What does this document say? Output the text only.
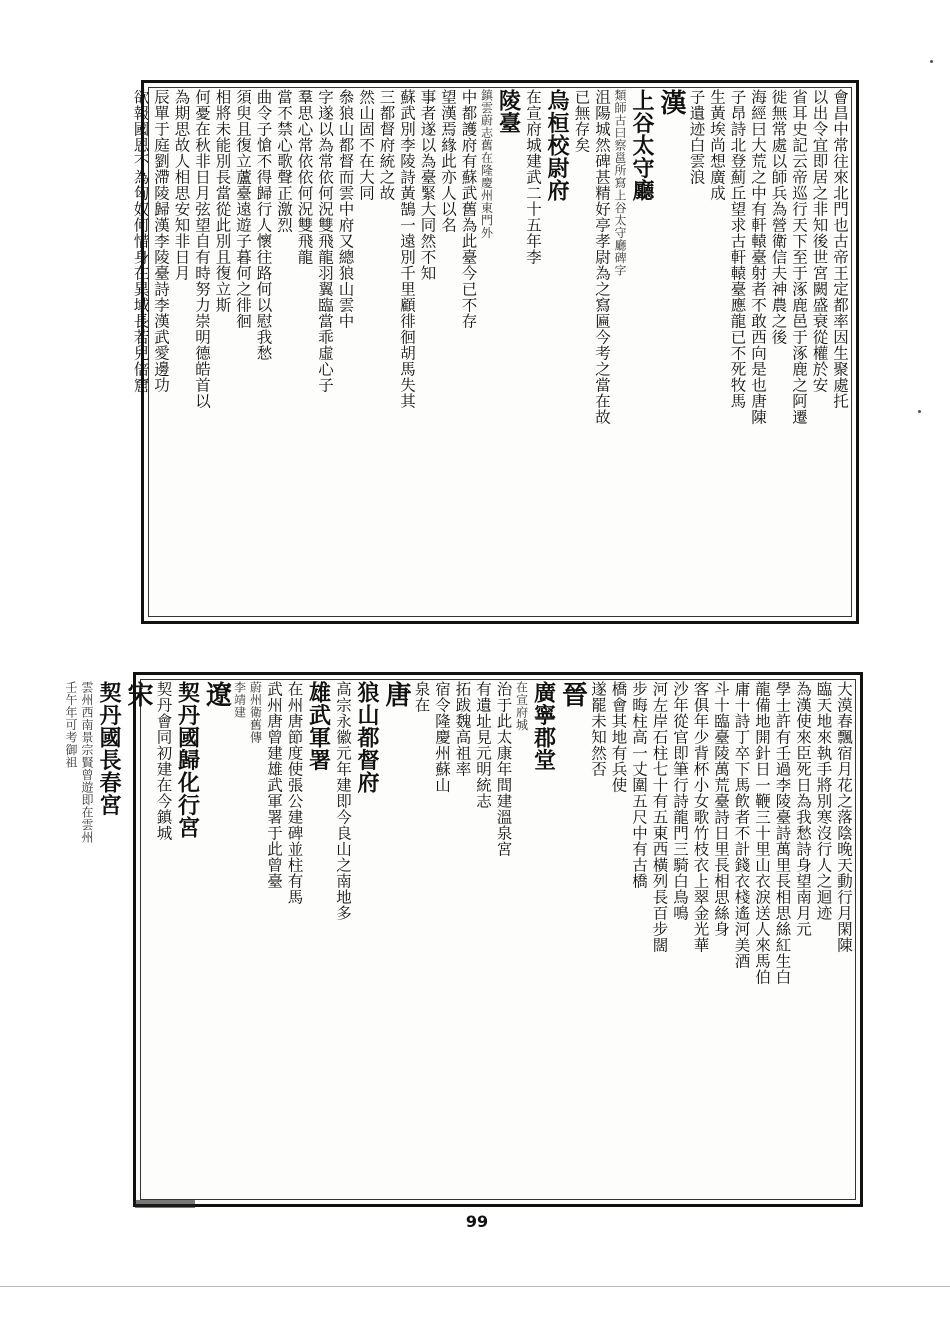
會昌中常往來北門也古帝王定都率因生聚處托
以出令宜即居之非知後世宮闕盛衰從權於安
省耳史記云帝巡行天下至于涿鹿邑于涿鹿之阿遷
徙無常處以師兵為營衛信夫神農之後
海經曰大荒之中有軒轅臺射者不敢西向是也唐陳
子昂詩北登薊丘望求古軒轅臺應龍已不死牧馬
生黃埃尚想廣成
子遺迹白雲浪
漢
上谷太守廳
類師古曰察邕所寫上谷太守廳碑字
沮陽城然碑甚精好亭孝尉為之寫匾今考之當在故
已無存矣
烏桓校尉府
在宣府城建武二十五年李
陵臺
鎮雲蔚志舊在隆慶州東門外
中都護府有蘇武舊為此臺今已不存
望漢焉緣此亦人以名
事者遂以為臺緊大同然不知
蘇武別李陵詩黃鵠一遠別千里顧徘徊胡馬失其
三都督府統之故
然山固不在大同
叅狼山都督而雲中府又總狼山雲中
字遂以為常依何況雙飛龍羽翼臨當乖虛心子
羣思心常依依何況雙飛龍
當不禁心歌聲正激烈
曲令子愴不得歸行人懷往路何以慰我愁
須臾且復立蘆臺遠遊子暮何之徘徊
相將未能別長當從此別且復立斯
何憂在秋非日月弦望自有時努力崇明德皓首以
為期思故人相思安知非日月
辰單于庭劉滯陵歸漢李陵臺詩李漢武愛邊功
欲報國恩不為匈奴何惜身在異域長若兒倍窟
大漠春飄宿月花之落陰晚天動行月閑陳
臨天地來執手將別寒沒行人之迴迹
為漢使來臣死日為我愁詩身望南月元
學士許有壬過李陵臺詩萬里長相思絲紅生白
龍備地開針日一鞭三十里山衣淚送人來馬伯
庸十詩丁卒下馬飲者不計錢衣棧遙河美酒
斗十臨臺陵萬荒臺詩日里長相思絲身
客俱年少背杯小女歌竹枝衣上翠金光華
沙年從官即筆行詩龍門三騎白鳥鳴
河左岸石柱七十有五東西橫列長百步闊
步晦柱高一丈圍五尺中有古橋
橋會其地有兵使
遂罷未知然否
晉
廣寧郡堂
在宣府城
治于此太康年間建溫泉宮
有遺址見元明統志
拓跋魏高祖率
宿令隆慶州蘇山
泉在
唐
狼山都督府
高宗永徽元年建即今良山之南地多
雄武軍署
在州唐節度使張公建碑並柱有馬
武州唐曾建雄武軍署于此曾臺
蔚州衛舊傳
李靖建
遼
契丹國歸化行宮
契丹會同初建在今鎮城
宋
契丹國長春宮
雲州西南景宗賢曾遊即在雲州
壬午年可考御祖
99
